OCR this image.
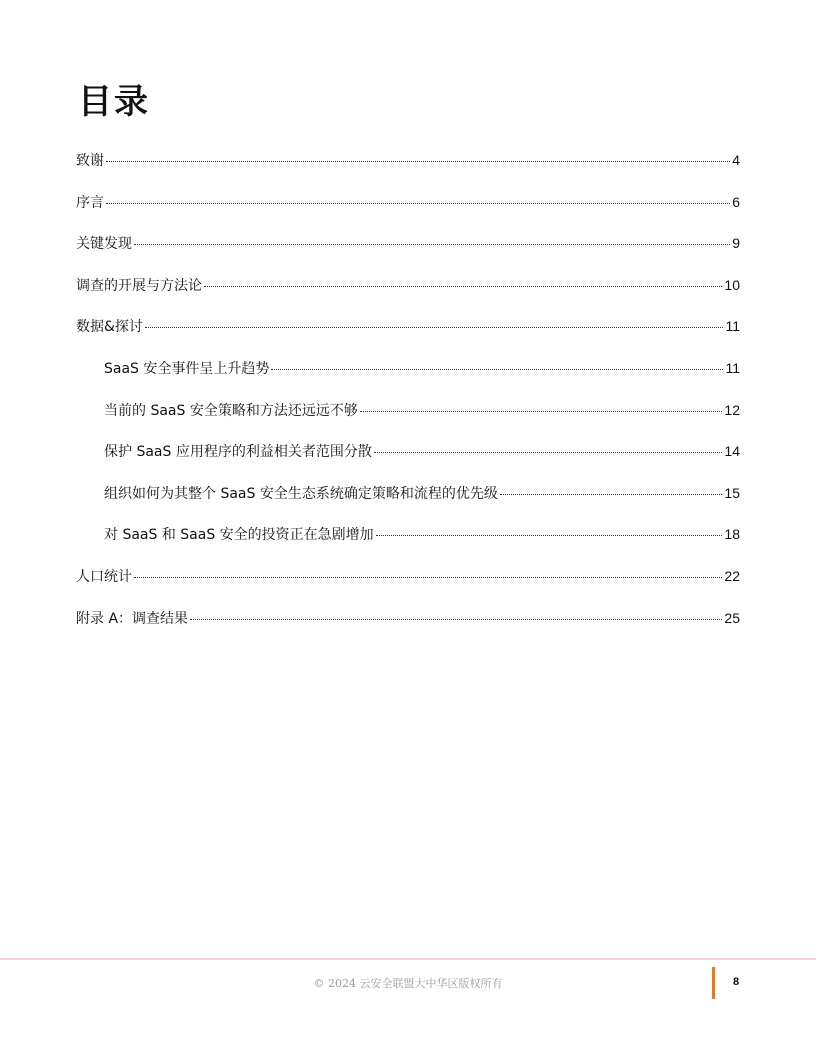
目录
致谢	4
序言	6
关键发现	9
调查的开展与方法论	10
数据&探讨	11
SaaS 安全事件呈上升趋势	11
当前的 SaaS 安全策略和方法还远远不够	12
保护 SaaS 应用程序的利益相关者范围分散	14
组织如何为其整个 SaaS 安全生态系统确定策略和流程的优先级	15
对 SaaS 和 SaaS 安全的投资正在急剧增加	18
人口统计	22
附录 A：调查结果	25
© 2024 云安全联盟大中华区版权所有	8
